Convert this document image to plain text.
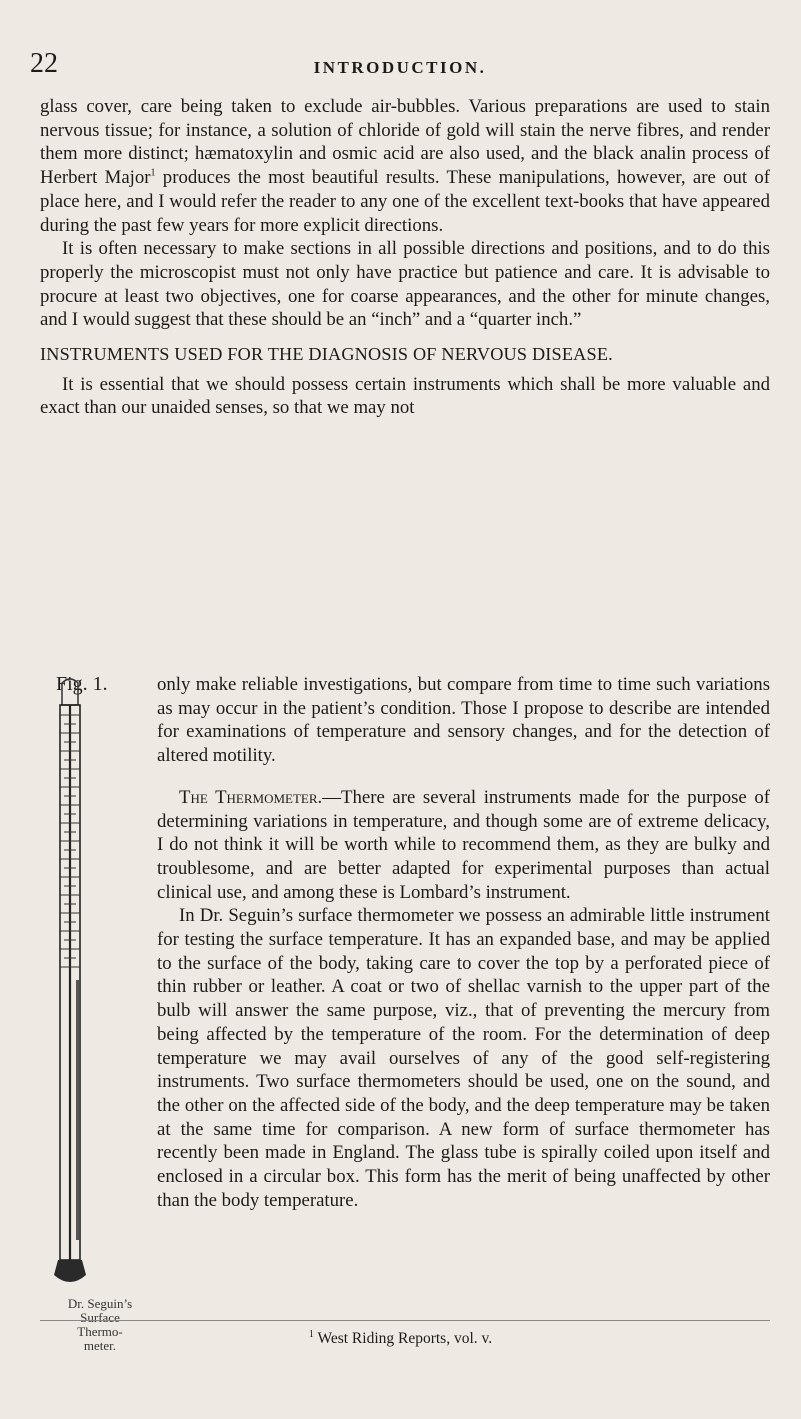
22	INTRODUCTION.

glass cover, care being taken to exclude air-bubbles. Various preparations are used to stain nervous tissue; for instance, a solution of chloride of gold will stain the nerve fibres, and render them more distinct; hæmatoxylin and osmic acid are also used, and the black analin process of Herbert Major$^1$ produces the most beautiful results. These manipulations, however, are out of place here, and I would refer the reader to any one of the excellent text-books that have appeared during the past few years for more explicit directions.

It is often necessary to make sections in all possible directions and positions, and to do this properly the microscopist must not only have practice but patience and care. It is advisable to procure at least two objectives, one for coarse appearances, and the other for minute changes, and I would suggest that these should be an “inch” and a “quarter inch.”

INSTRUMENTS USED FOR THE DIAGNOSIS OF NERVOUS DISEASE.

It is essential that we should possess certain instruments which shall be more valuable and exact than our unaided senses, so that we may not

Fig. 1.	only make reliable investigations, but compare from time to time such variations as may occur in the patient’s condition. Those I propose to describe are intended for examinations of temperature and sensory changes, and for the detection of altered motility.

The Thermometer.—There are several instruments made for the purpose of determining variations in temperature, and though some are of extreme delicacy, I do not think it will be worth while to recommend them, as they are bulky and troublesome, and are better adapted for experimental purposes than actual clinical use, and among these is Lombard’s instrument.

In Dr. Seguin’s surface thermometer we possess an admirable little instrument for testing the surface temperature. It has an expanded base, and may be applied to the surface of the body, taking care to cover the top by a perforated piece of thin rubber or leather. A coat or two of shellac varnish to the upper part of the bulb will answer the same purpose, viz., that of preventing the mercury from being affected by the temperature of the room. For the determination of deep temperature we may avail ourselves of any of the good self-registering instruments. Two surface thermometers should be used, one on the sound, and the other on the affected side of the body, and the deep temperature may be taken at the same time for comparison. A new form of surface thermometer has recently been made in England. The glass tube is spirally coiled upon itself and enclosed in a circular box. This form has the merit of being unaffected by other than the body temperature.

Dr. Seguin’s
Surface
Thermo-
meter.
$^1$ West Riding Reports, vol. v.
